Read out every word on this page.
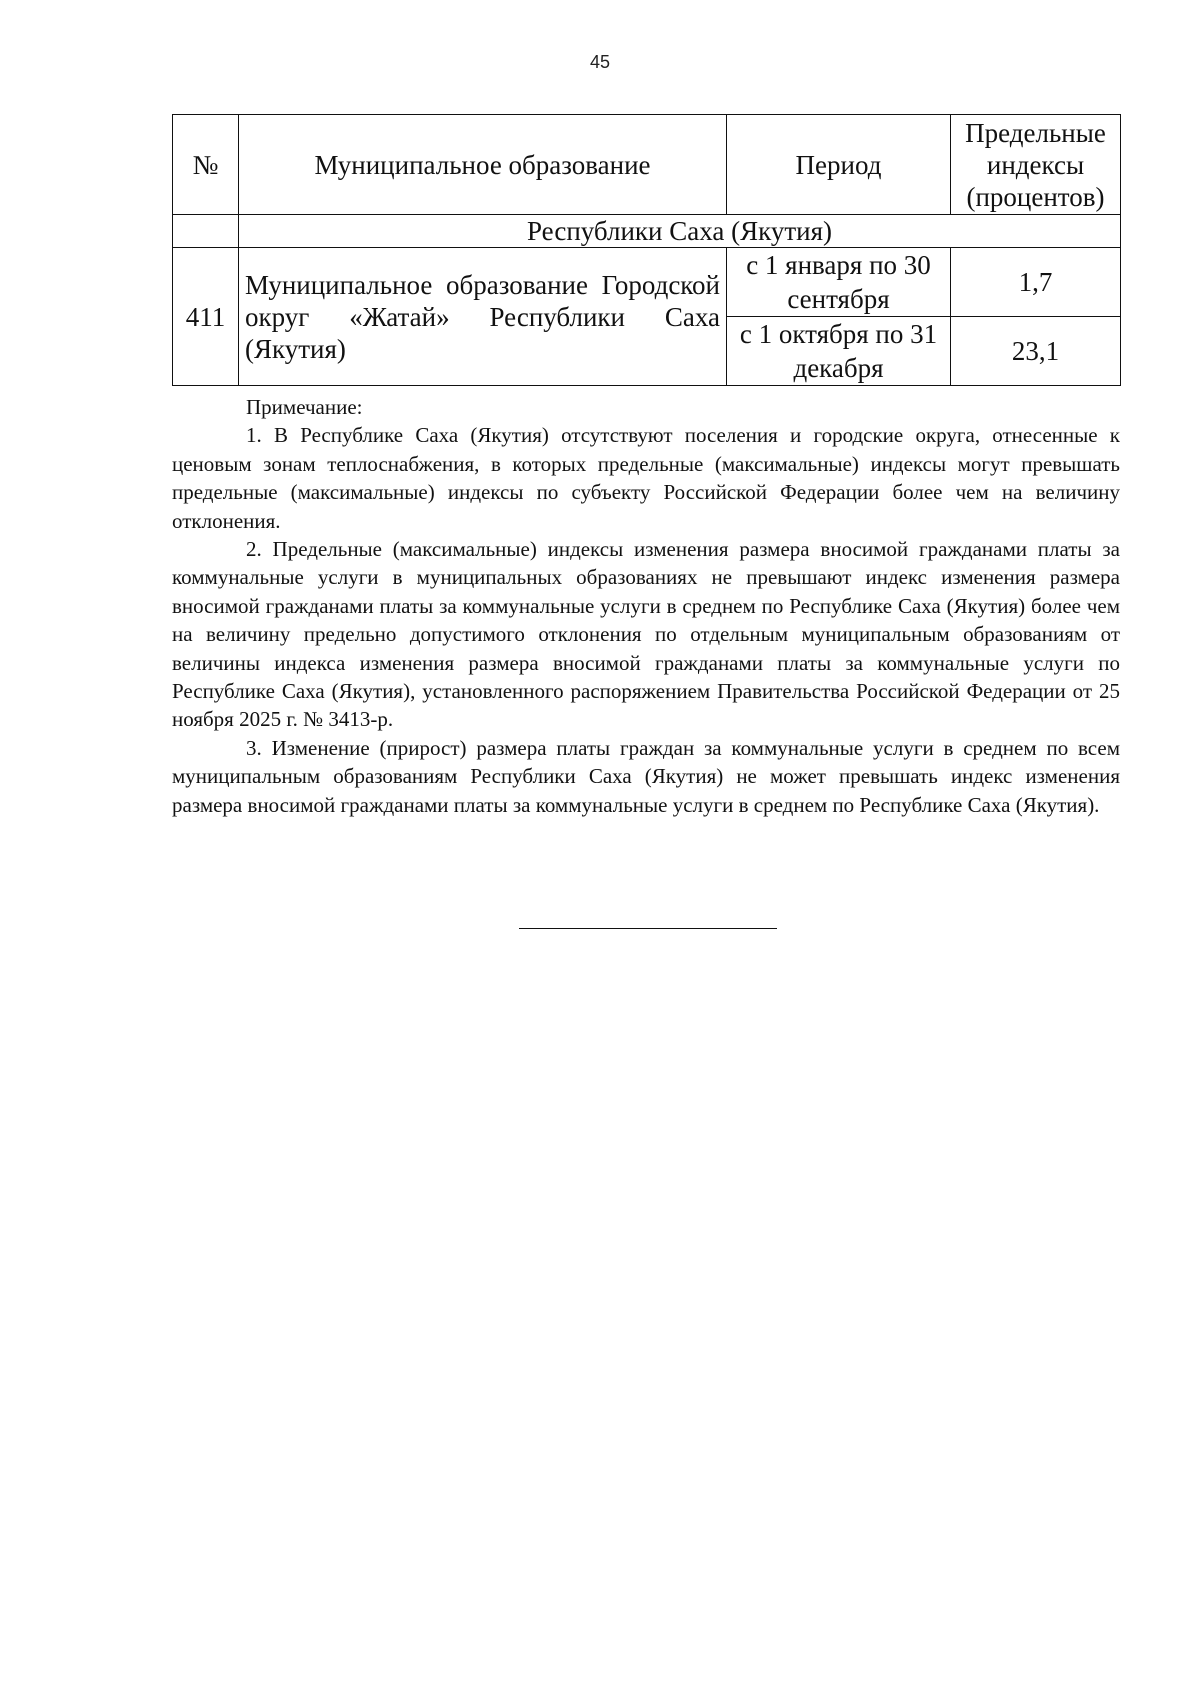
45
№	Муниципальное образование	Период	Предельные индексы (процентов)
	Республики Саха (Якутия)		
411	Муниципальное образование Городской округ «Жатай» Республики Саха (Якутия)	с 1 января по 30 сентября	1,7
		с 1 октября по 31 декабря	23,1

Примечание:

1. В Республике Саха (Якутия) отсутствуют поселения и городские округа, отнесенные к ценовым зонам теплоснабжения, в которых предельные (максимальные) индексы могут превышать предельные (максимальные) индексы по субъекту Российской Федерации более чем на величину отклонения.

2. Предельные (максимальные) индексы изменения размера вносимой гражданами платы за коммунальные услуги в муниципальных образованиях не превышают индекс изменения размера вносимой гражданами платы за коммунальные услуги в среднем по Республике Саха (Якутия) более чем на величину предельно допустимого отклонения по отдельным муниципальным образованиям от величины индекса изменения размера вносимой гражданами платы за коммунальные услуги по Республике Саха (Якутия), установленного распоряжением Правительства Российской Федерации от 25 ноября 2025 г. № 3413-р.

3. Изменение (прирост) размера платы граждан за коммунальные услуги в среднем по всем муниципальным образованиям Республики Саха (Якутия) не может превышать индекс изменения размера вносимой гражданами платы за коммунальные услуги в среднем по Республике Саха (Якутия).
